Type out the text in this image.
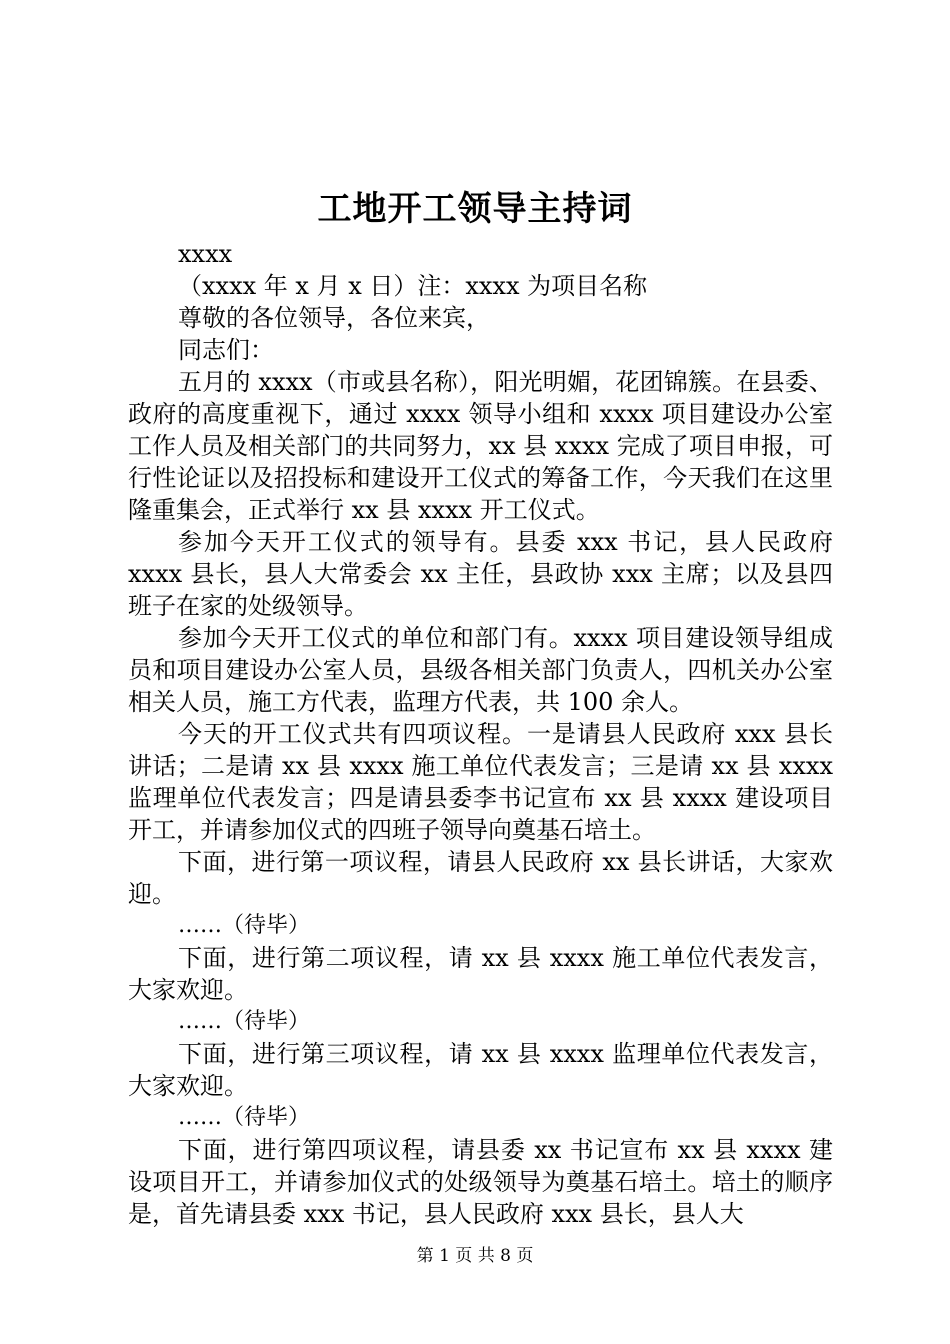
工地开工领导主持词

xxxx

（xxxx 年 x 月 x 日）注：xxxx 为项目名称

尊敬的各位领导，各位来宾，

同志们：

五月的 xxxx（市或县名称），阳光明媚，花团锦簇。在县委、政府的高度重视下，通过 xxxx 领导小组和 xxxx 项目建设办公室工作人员及相关部门的共同努力，xx 县 xxxx 完成了项目申报，可行性论证以及招投标和建设开工仪式的筹备工作，今天我们在这里隆重集会，正式举行 xx 县 xxxx 开工仪式。

参加今天开工仪式的领导有。县委 xxx 书记，县人民政府 xxxx 县长，县人大常委会 xx 主任，县政协 xxx 主席；以及县四班子在家的处级领导。

参加今天开工仪式的单位和部门有。xxxx 项目建设领导组成员和项目建设办公室人员，县级各相关部门负责人，四机关办公室相关人员，施工方代表，监理方代表，共 100 余人。

今天的开工仪式共有四项议程。一是请县人民政府 xxx 县长讲话；二是请 xx 县 xxxx 施工单位代表发言；三是请 xx 县 xxxx 监理单位代表发言；四是请县委李书记宣布 xx 县 xxxx 建设项目开工，并请参加仪式的四班子领导向奠基石培土。

下面，进行第一项议程，请县人民政府 xx 县长讲话，大家欢迎。

……（待毕）

下面，进行第二项议程，请 xx 县 xxxx 施工单位代表发言，大家欢迎。

……（待毕）

下面，进行第三项议程，请 xx 县 xxxx 监理单位代表发言，大家欢迎。

……（待毕）

下面，进行第四项议程，请县委 xx 书记宣布 xx 县 xxxx 建设项目开工，并请参加仪式的处级领导为奠基石培土。培土的顺序是，首先请县委 xxx 书记，县人民政府 xxx 县长，县人大

第 1 页 共 8 页
